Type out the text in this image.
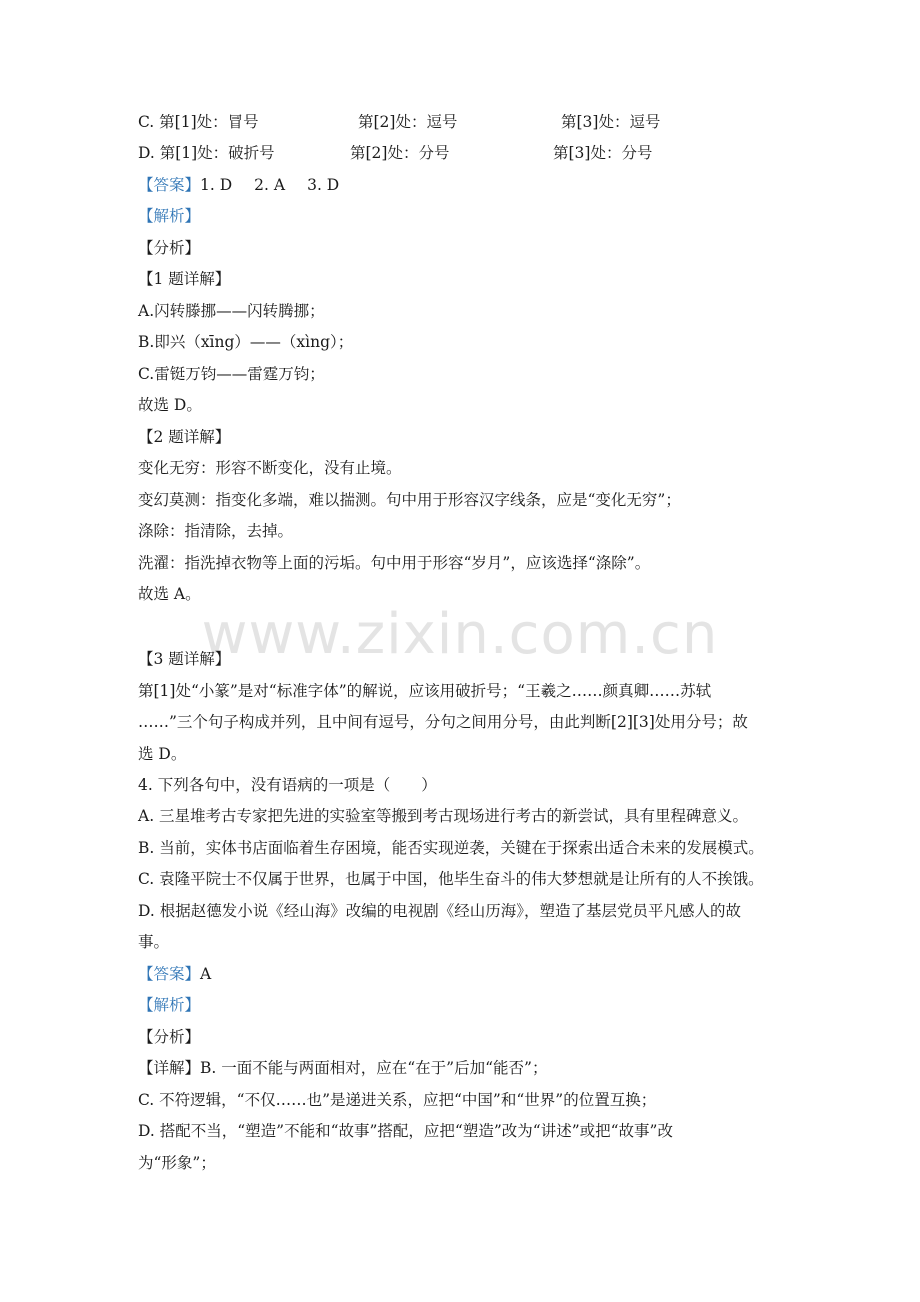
www.zixin.com.cn
C. 第[1]处：冒号	第[2]处：逗号	第[3]处：逗号
D. 第[1]处：破折号	第[2]处：分号	第[3]处：分号
【答案】1. D 2. A 3. D
【解析】
【分析】
【1 题详解】
A.闪转滕挪——闪转腾挪；
B.即兴（xīng）——（xìng）；
C.雷铤万钧——雷霆万钧；
故选 D。
【2 题详解】
变化无穷：形容不断变化，没有止境。
变幻莫测：指变化多端，难以揣测。句中用于形容汉字线条，应是“变化无穷”；
涤除：指清除，去掉。
洗濯：指洗掉衣物等上面的污垢。句中用于形容“岁月”，应该选择“涤除”。
故选 A。
【3 题详解】
第[1]处“小篆”是对“标准字体”的解说，应该用破折号；“王羲之……颜真卿……苏轼
……”三个句子构成并列，且中间有逗号，分句之间用分号，由此判断[2][3]处用分号；故
选 D。
4. 下列各句中，没有语病的一项是（　　）
A. 三星堆考古专家把先进的实验室等搬到考古现场进行考古的新尝试，具有里程碑意义。
B. 当前，实体书店面临着生存困境，能否实现逆袭，关键在于探索出适合未来的发展模式。
C. 袁隆平院士不仅属于世界，也属于中国，他毕生奋斗的伟大梦想就是让所有的人不挨饿。
D. 根据赵德发小说《经山海》改编的电视剧《经山历海》，塑造了基层党员平凡感人的故
事。
【答案】A
【解析】
【分析】
【详解】B. 一面不能与两面相对，应在“在于”后加“能否”；
C. 不符逻辑，“不仅……也”是递进关系，应把“中国”和“世界”的位置互换；
D. 搭配不当，“塑造”不能和“故事”搭配，应把“塑造”改为“讲述”或把“故事”改
为“形象”；
